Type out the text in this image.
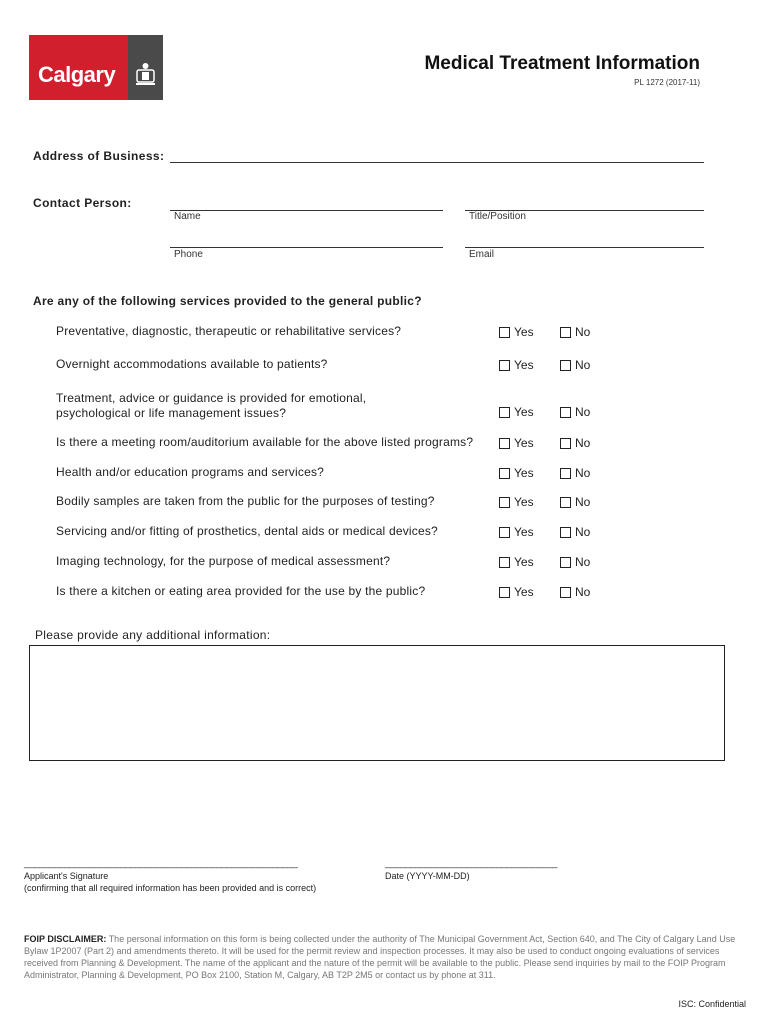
Calgary	Medical Treatment Information
PL 1272 (2017-11)
Address of Business:
Contact Person:
Name	Title/Position
Phone	Email
Are any of the following services provided to the general public?
Preventative, diagnostic, therapeutic or rehabilitative services?	Yes	No
Overnight accommodations available to patients?	Yes	No
Treatment, advice or guidance is provided for emotional,
psychological or life management issues?	Yes	No
Is there a meeting room/auditorium available for the above listed programs?	Yes	No
Health and/or education programs and services?	Yes	No
Bodily samples are taken from the public for the purposes of testing?	Yes	No
Servicing and/or fitting of prosthetics, dental aids or medical devices?	Yes	No
Imaging technology, for the purpose of medical assessment?	Yes	No
Is there a kitchen or eating area provided for the use by the public?	Yes	No
Please provide any additional information:
______________________________________________________
Applicant's Signature
(confirming that all required information has been provided and is correct)
__________________________________
Date (YYYY-MM-DD)
FOIP DISCLAIMER: The personal information on this form is being collected under the authority of The Municipal Government Act, Section 640, and The City of Calgary Land Use Bylaw 1P2007 (Part 2) and amendments thereto. It will be used for the permit review and inspection processes. It may also be used to conduct ongoing evaluations of services received from Planning & Development. The name of the applicant and the nature of the permit will be available to the public. Please send inquiries by mail to the FOIP Program Administrator, Planning & Development, PO Box 2100, Station M, Calgary, AB T2P 2M5 or contact us by phone at 311.
ISC: Confidential
